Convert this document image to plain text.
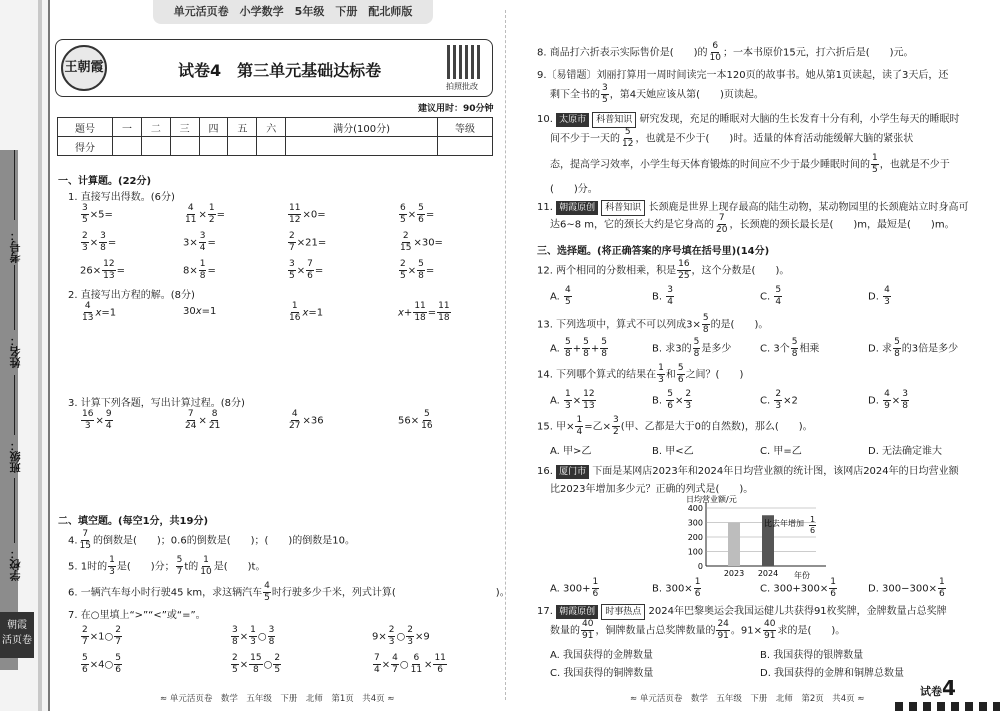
考号：
姓名：
班级：
学校：
朝霞
活页卷
单元活页卷　小学数学　5年级　下册　配北师版
王朝霞	试卷4　第三单元基础达标卷
拍照批改
建议用时：90分钟
题号	一	二	三	四	五	六	满分(100分)	等级
得分								
一、计算题。(22分)
1. 直接写出得数。(6分)
$\frac{3}{5} \times 5=$	$\frac{4}{11} \times \frac{1}{2}$ =	$\frac{11}{12} \times 0=$	$\frac{6}{5} \times \frac{5}{6}$ =
$\frac{2}{3} \times \frac{3}{8}$ =	$3\times \frac{3}{4}$ =	$\frac{2}{7} \times 21=$	$\frac{2}{15} \times 30=$
$26\times \frac{12}{13}$ =	$8\times \frac{1}{8}$ =	$\frac{3}{5} \times \frac{7}{6}$ =	$\frac{2}{5} \times \frac{5}{8}$ =
2. 直接写出方程的解。(8分)
$\frac{4}{13} x=1$	30x=1	$\frac{1}{16} x=1$	$x+ \frac{11}{18} = \frac{11}{18}$
3. 计算下列各题，写出计算过程。(8分)
$\frac{16}{3} \times \frac{9}{4}$	$\frac{7}{24} \times \frac{8}{21}$	$\frac{4}{27} \times 36$	$56\times \frac{5}{16}$
二、填空题。(每空1分，共19分)
4. $\frac{7}{15}$ 的倒数是(　　)；0.6的倒数是(　　)；(　　)的倒数是10。
5. 1时的 $\frac{1}{3}$ 是(　　)分； $\frac{5}{7}$ t的 $\frac{1}{10}$ 是(　　)t。
6. 一辆汽车每小时行驶45 km，求这辆汽车 $\frac{4}{5}$ 时行驶多少千米，列式计算(　　　　　　　　　　)。
7. 在○里填上“>”“<”或“=”。
$\frac{2}{7}$ ×1○ $\frac{2}{7}$	$\frac{3}{8} \times \frac{1}{3}$ ○ $\frac{3}{8}$	$9\times \frac{2}{3}$ ○ $\frac{2}{3} \times 9$
$\frac{5}{6}$ ×4○ $\frac{5}{6}$	$\frac{2}{5} \times \frac{15}{8}$ ○ $\frac{2}{5}$	$\frac{7}{4} \times \frac{4}{7}$ ○ $\frac{6}{11} \times \frac{11}{6}$
≈ 单元活页卷　数学　五年级　下册　北师　第1页　共4页 ≈
8. 商品打六折表示实际售价是(　　)的 $\frac{6}{10}$ ；一本书原价15元，打六折后是(　　)元。
9.〔易错题〕刘丽打算用一周时间读完一本120页的故事书。她从第1页读起，读了3天后，还
剩下全书的 $\frac{3}{5}$ ，第4天她应该从第(　　)页读起。
10. 太原市 科普知识 研究发现，充足的睡眠对大脑的生长发育十分有利，小学生每天的睡眠时
间不少于一天的 $\frac{5}{12}$ ，也就是不少于(　　)时。适量的体育活动能缓解大脑的紧张状
态，提高学习效率，小学生每天体育锻炼的时间应不少于最少睡眠时间的 $\frac{1}{5}$ ，也就是不少于
(　　)分。
11. 朝霞原创 科普知识 长颈鹿是世界上现存最高的陆生动物，某动物园里的长颈鹿站立时身高可
达6~8 m，它的颈长大约是它身高的 $\frac{7}{20}$ ，长颈鹿的颈长最长是(　　)m，最短是(　　)m。
三、选择题。(将正确答案的序号填在括号里)(14分)
12. 两个相同的分数相乘，积是 $\frac{16}{25}$ ，这个分数是(　　)。
A. $\frac{4}{5}$	B. $\frac{3}{4}$	C. $\frac{5}{4}$	D. $\frac{4}{3}$
13. 下列选项中，算式不可以列成$3\times \frac{5}{8}$ 的是(　　)。
A. $\frac{5}{8} + \frac{5}{8} + \frac{5}{8}$	B. 求3的 $\frac{5}{8}$ 是多少	C. 3个 $\frac{5}{8}$ 相乘	D. 求 $\frac{5}{8}$ 的3倍是多少
14. 下列哪个算式的结果在 $\frac{1}{3}$ 和 $\frac{5}{6}$ 之间？(　　)
A. $\frac{1}{3} \times \frac{12}{13}$	B. $\frac{5}{6} \times \frac{2}{3}$	C. $\frac{2}{3} \times 2$	D. $\frac{4}{9} \times \frac{3}{8}$
15. 甲× $\frac{1}{4}$ =乙× $\frac{3}{2}$ (甲、乙都是大于0的自然数)，那么(　　)。
A. 甲>乙	B. 甲<乙	C. 甲=乙	D. 无法确定谁大
16. 厦门市 下面是某网店2023年和2024年日均营业额的统计图，该网店2024年的日均营业额
比2023年增加多少元？正确的列式是(　　)。
日均营业额/元
0
100
200
300
400
2023 2024
比去年增加
年份
$\frac{1}{6}$
A. $300+ \frac{1}{6}$	B. $300\times \frac{1}{6}$	C. $300+300\times \frac{1}{6}$	D. $300-300\times \frac{1}{6}$
17. 朝霞原创 时事热点 2024年巴黎奥运会我国运健儿共获得91枚奖牌，金牌数量占总奖牌
数量的 $\frac{40}{91}$ ，铜牌数量占总奖牌数量的 $\frac{24}{91}$ 。$91\times \frac{40}{91}$ 求的是(　　)。
A. 我国获得的金牌数量	B. 我国获得的银牌数量
C. 我国获得的铜牌数量	D. 我国获得的金牌和铜牌总数量
≈ 单元活页卷　数学　五年级　下册　北师　第2页　共4页 ≈
试卷4
